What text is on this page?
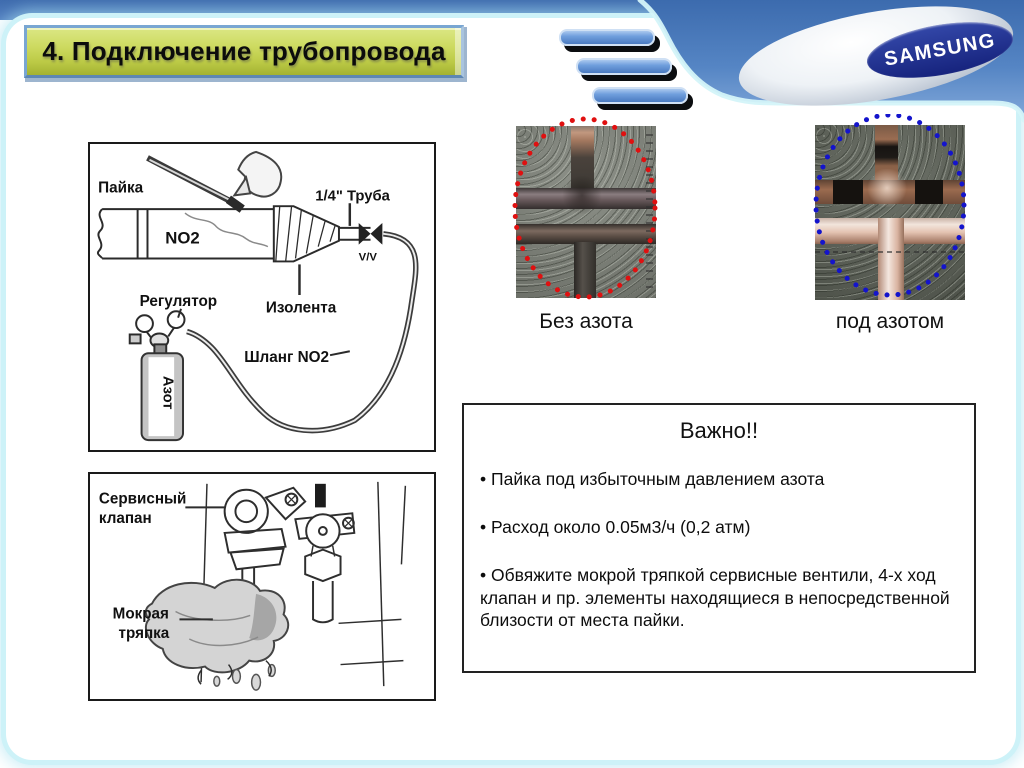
SAMSUNG
4. Подключение трубопровода
Пайка
NO2
1/4" Труба
Изолента
V/V
Регулятор
Шланг NO2
Азот
Сервисный
клапан
Мокрая
тряпка
Без азота	под азотом
Важно!!

• Пайка под избыточным давлением азота

• Расход около 0.05м3/ч (0,2 атм)

• Обвяжите мокрой тряпкой сервисные вентили, 4-х ход клапан и пр. элементы находящиеся в непосредственной близости от места пайки.
